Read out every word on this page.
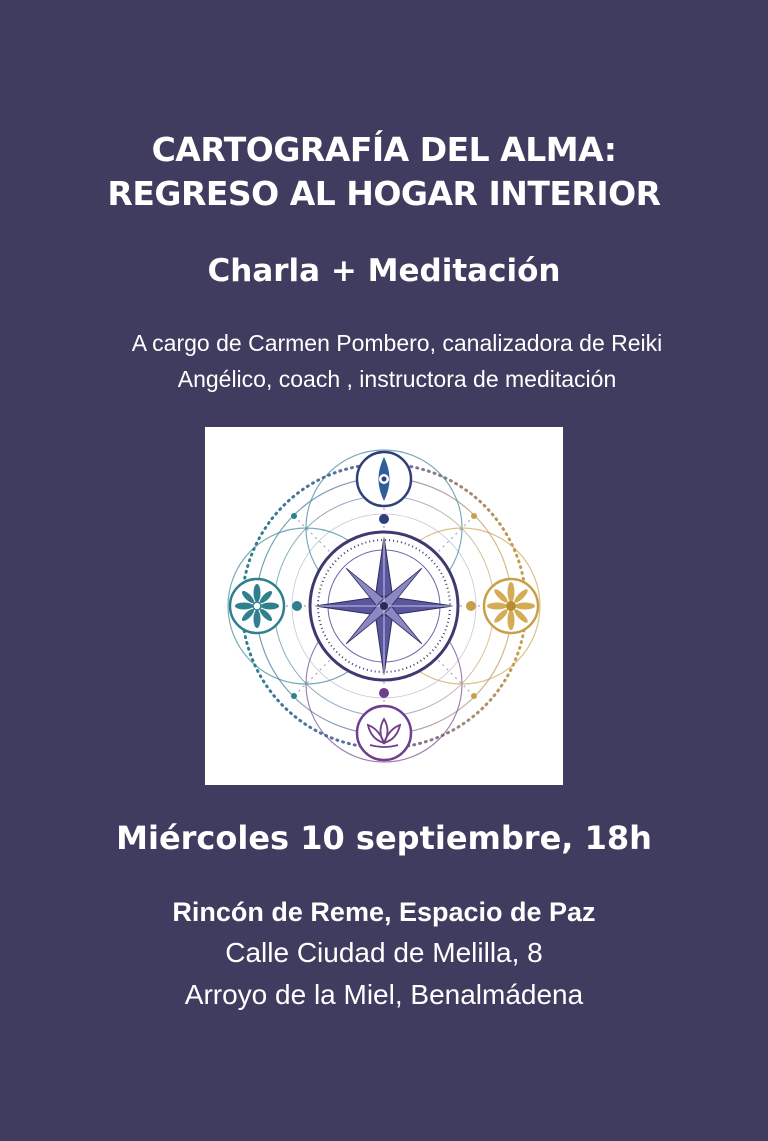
CARTOGRAFÍA DEL ALMA:
REGRESO AL HOGAR INTERIOR
Charla + Meditación
A cargo de Carmen Pombero, canalizadora de Reiki
Angélico, coach , instructora de meditación
Miércoles 10 septiembre, 18h
Rincón de Reme, Espacio de Paz
Calle Ciudad de Melilla, 8
Arroyo de la Miel, Benalmádena
